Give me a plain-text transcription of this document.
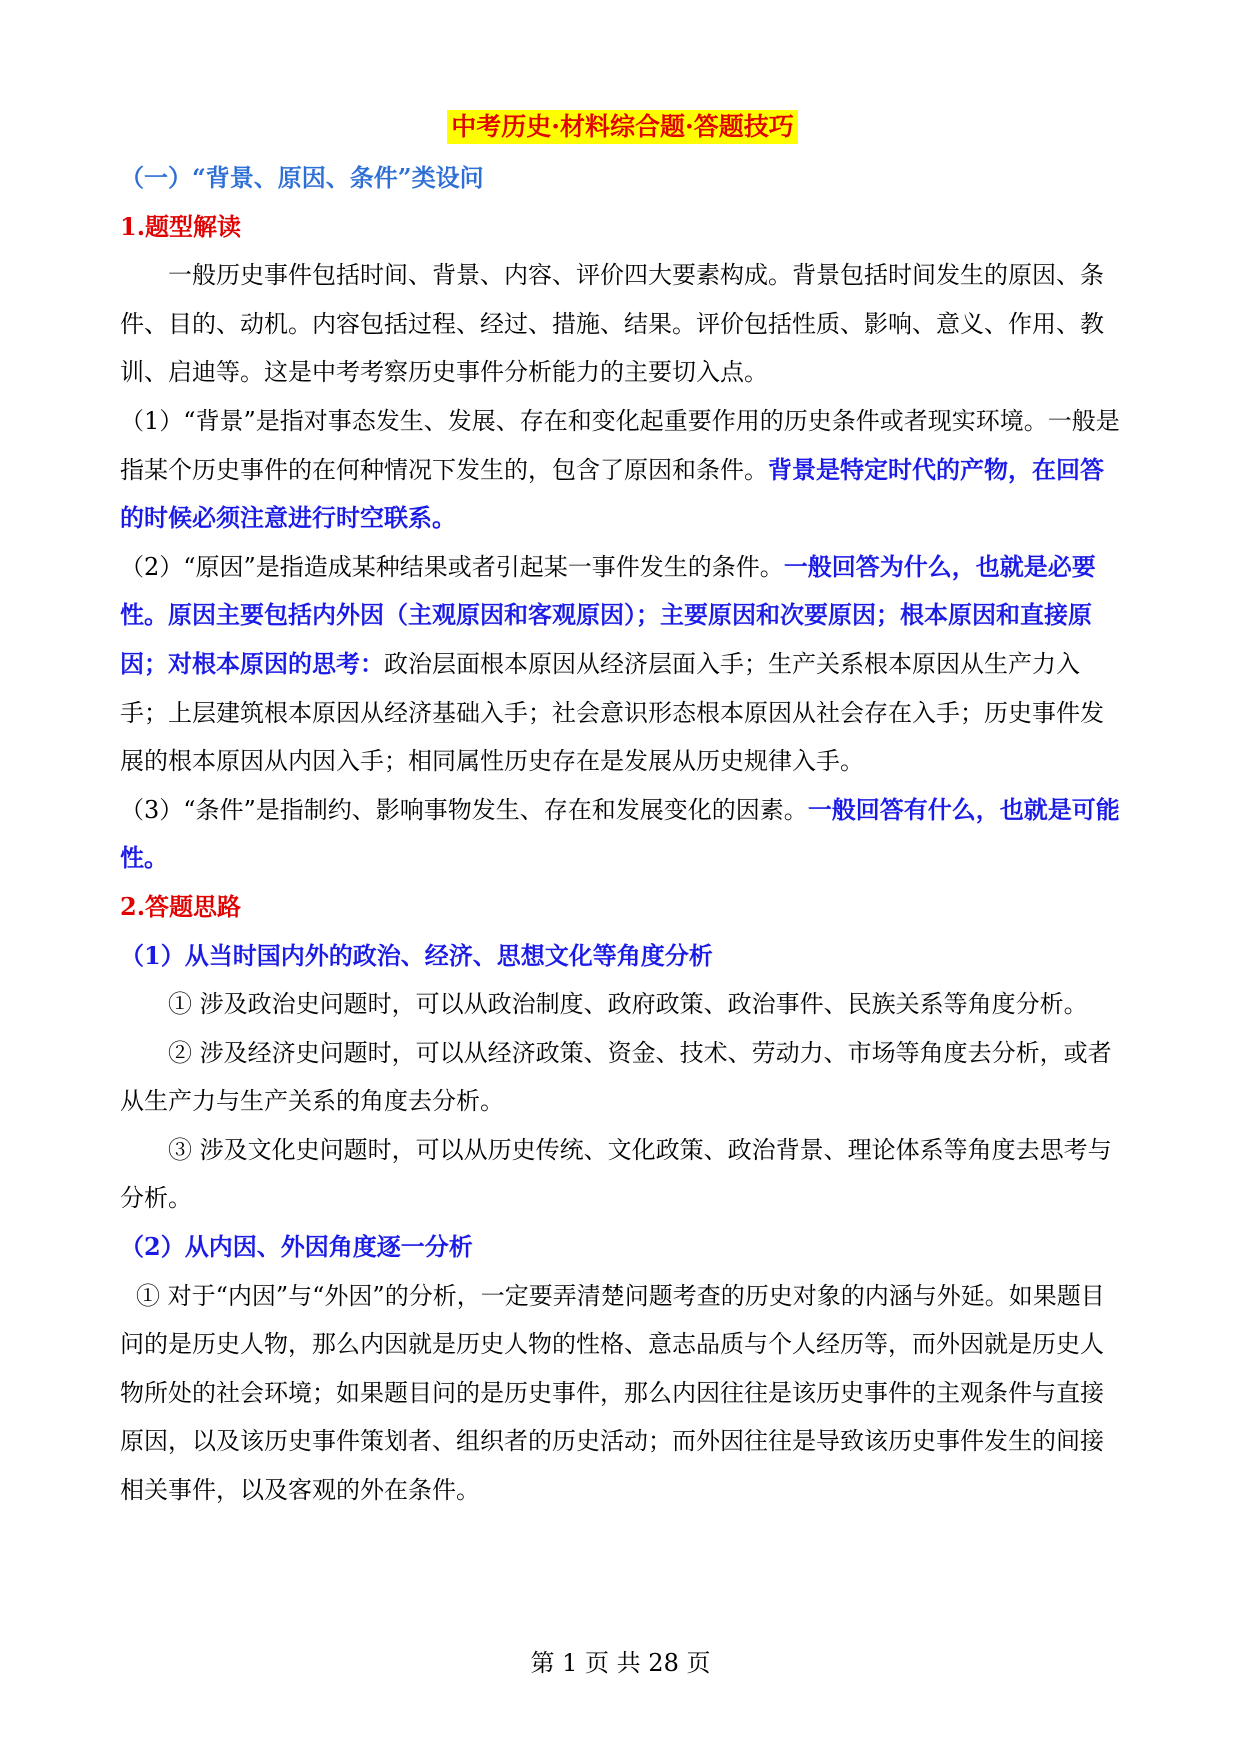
中考历史·材料综合题·答题技巧

（一）“背景、原因、条件”类设问

1.题型解读

一般历史事件包括时间、背景、内容、评价四大要素构成。背景包括时间发生的原因、条件、目的、动机。内容包括过程、经过、措施、结果。评价包括性质、影响、意义、作用、教训、启迪等。这是中考考察历史事件分析能力的主要切入点。

（1）“背景”是指对事态发生、发展、存在和变化起重要作用的历史条件或者现实环境。一般是指某个历史事件的在何种情况下发生的，包含了原因和条件。背景是特定时代的产物，在回答的时候必须注意进行时空联系。

（2）“原因”是指造成某种结果或者引起某一事件发生的条件。一般回答为什么，也就是必要性。原因主要包括内外因（主观原因和客观原因）；主要原因和次要原因；根本原因和直接原因；对根本原因的思考：政治层面根本原因从经济层面入手；生产关系根本原因从生产力入手；上层建筑根本原因从经济基础入手；社会意识形态根本原因从社会存在入手；历史事件发展的根本原因从内因入手；相同属性历史存在是发展从历史规律入手。

（3）“条件”是指制约、影响事物发生、存在和发展变化的因素。一般回答有什么，也就是可能性。

2.答题思路

（1）从当时国内外的政治、经济、思想文化等角度分析

① 涉及政治史问题时，可以从政治制度、政府政策、政治事件、民族关系等角度分析。

② 涉及经济史问题时，可以从经济政策、资金、技术、劳动力、市场等角度去分析，或者从生产力与生产关系的角度去分析。

③ 涉及文化史问题时，可以从历史传统、文化政策、政治背景、理论体系等角度去思考与分析。

（2）从内因、外因角度逐一分析

① 对于“内因”与“外因”的分析，一定要弄清楚问题考查的历史对象的内涵与外延。如果题目问的是历史人物，那么内因就是历史人物的性格、意志品质与个人经历等，而外因就是历史人物所处的社会环境；如果题目问的是历史事件，那么内因往往是该历史事件的主观条件与直接原因，以及该历史事件策划者、组织者的历史活动；而外因往往是导致该历史事件发生的间接相关事件，以及客观的外在条件。

第 1 页 共 28 页
